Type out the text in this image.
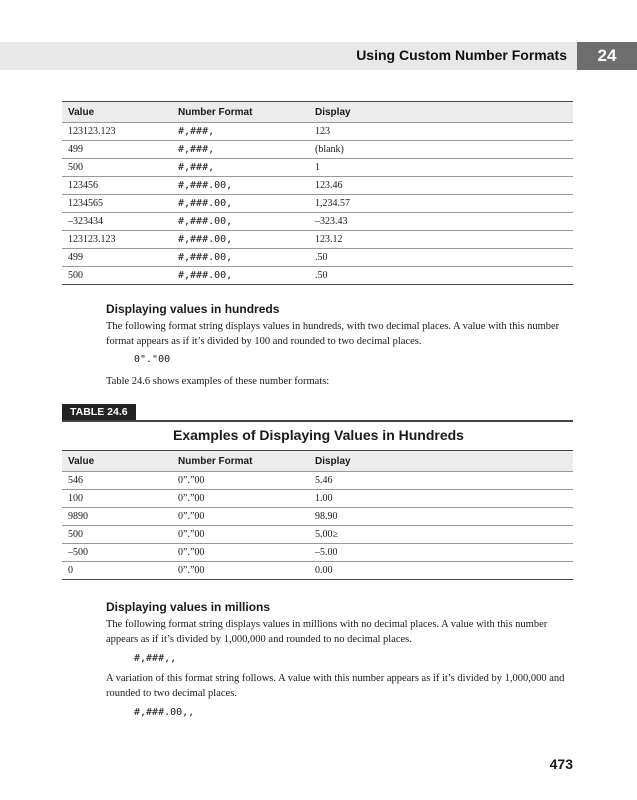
Using Custom Number Formats	24
Value	Number Format	Display
123123.123	#,###,	123
499	#,###,	(blank)
500	#,###,	1
123456	#,###.00,	123.46
1234565	#,###.00,	1,234.57
–323434	#,###.00,	–323.43
123123.123	#,###.00,	123.12
499	#,###.00,	.50
500	#,###.00,	.50
Displaying values in hundreds
The following format string displays values in hundreds, with two decimal places. A value with this number format appears as if it’s divided by 100 and rounded to two decimal places.
0"."00
Table 24.6 shows examples of these number formats:
TABLE 24.6
Examples of Displaying Values in Hundreds
Value	Number Format	Display
546	0”.”00	5.46
100	0”.”00	1.00
9890	0”.”00	98.90
500	0”.”00	5.00≥
–500	0”.”00	–5.00
0	0”.”00	0.00
Displaying values in millions
The following format string displays values in millions with no decimal places. A value with this number appears as if it’s divided by 1,000,000 and rounded to no decimal places.
#,###,,
A variation of this format string follows. A value with this number appears as if it’s divided by 1,000,000 and rounded to two decimal places.
#,###.00,,
473
